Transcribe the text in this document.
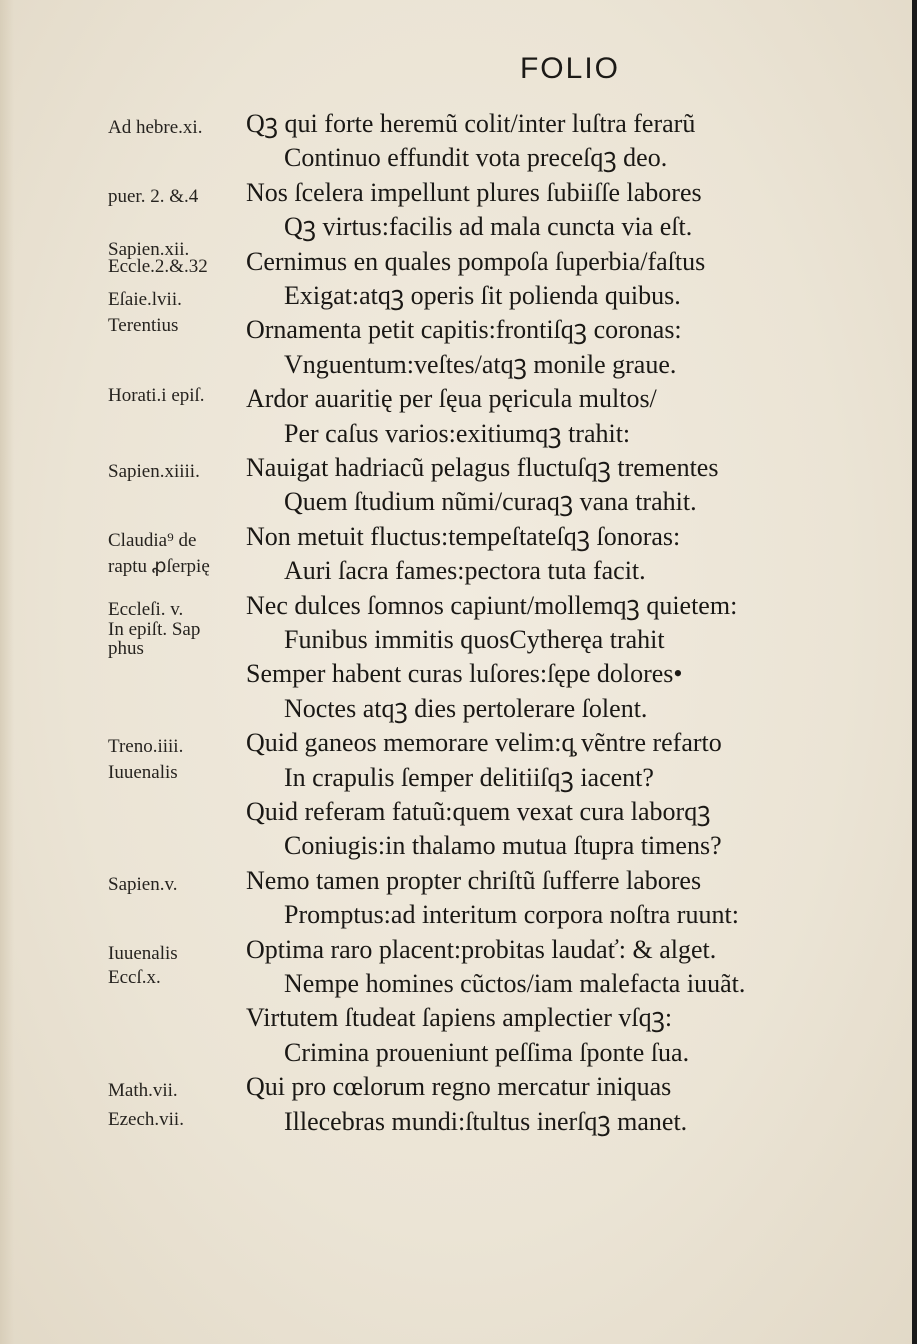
FOLIO
Qꝫ qui forte heremũ colit/inter luſtra ferarũ
Continuo effundit vota preceſqꝫ deo.
Nos ſcelera impellunt plures ſubiiſſe labores
Qꝫ virtus:facilis ad mala cuncta via eſt.
Cernimus en quales pompoſa ſuperbia/faſtus
Exigat:atqꝫ operis ſit polienda quibus.
Ornamenta petit capitis:frontiſqꝫ coronas:
Vnguentum:veſtes/atqꝫ monile graue.
Ardor auaritię per ſęua pęricula multos/
Per caſus varios:exitiumqꝫ trahit:
Nauigat hadriacũ pelagus fluctuſqꝫ trementes
Quem ſtudium nũmi/curaqꝫ vana trahit.
Non metuit fluctus:tempeſtateſqꝫ ſonoras:
Auri ſacra fames:pectora tuta facit.
Nec dulces ſomnos capiunt/mollemqꝫ quietem:
Funibus immitis quosCytheręa trahit
Semper habent curas luſores:ſępe dolores•
Noctes atqꝫ dies pertolerare ſolent.
Quid ganeos memorare velim:q̧ vẽntre refarto
In crapulis ſemper delitiiſqꝫ iacent?
Quid referam fatuũ:quem vexat cura laborqꝫ
Coniugis:in thalamo mutua ſtupra timens?
Nemo tamen propter chriſtũ ſufferre labores
Promptus:ad interitum corpora noſtra ruunt:
Optima raro placent:probitas laudať: & alget.
Nempe homines cũctos/iam malefacta iuuãt.
Virtutem ſtudeat ſapiens amplectier vſqꝫ:
Crimina proueniunt peſſima ſponte ſua.
Qui pro cœlorum regno mercatur iniquas
Illecebras mundi:ſtultus inerſqꝫ manet.
Ad hebre.xi.
puer. 2. &.4
Sapien.xii.
Eccle.2.&.32
Eſaie.lvii.
Terentius
Horati.i epiſ.
Sapien.xiiii.
Claudia⁹ de
raptu ꝓſerpię
Eccleſi. v.
In epiſt. Sap
phus
Treno.iiii.
Iuuenalis
Sapien.v.
Iuuenalis
Eccſ.x.
Math.vii.
Ezech.vii.
